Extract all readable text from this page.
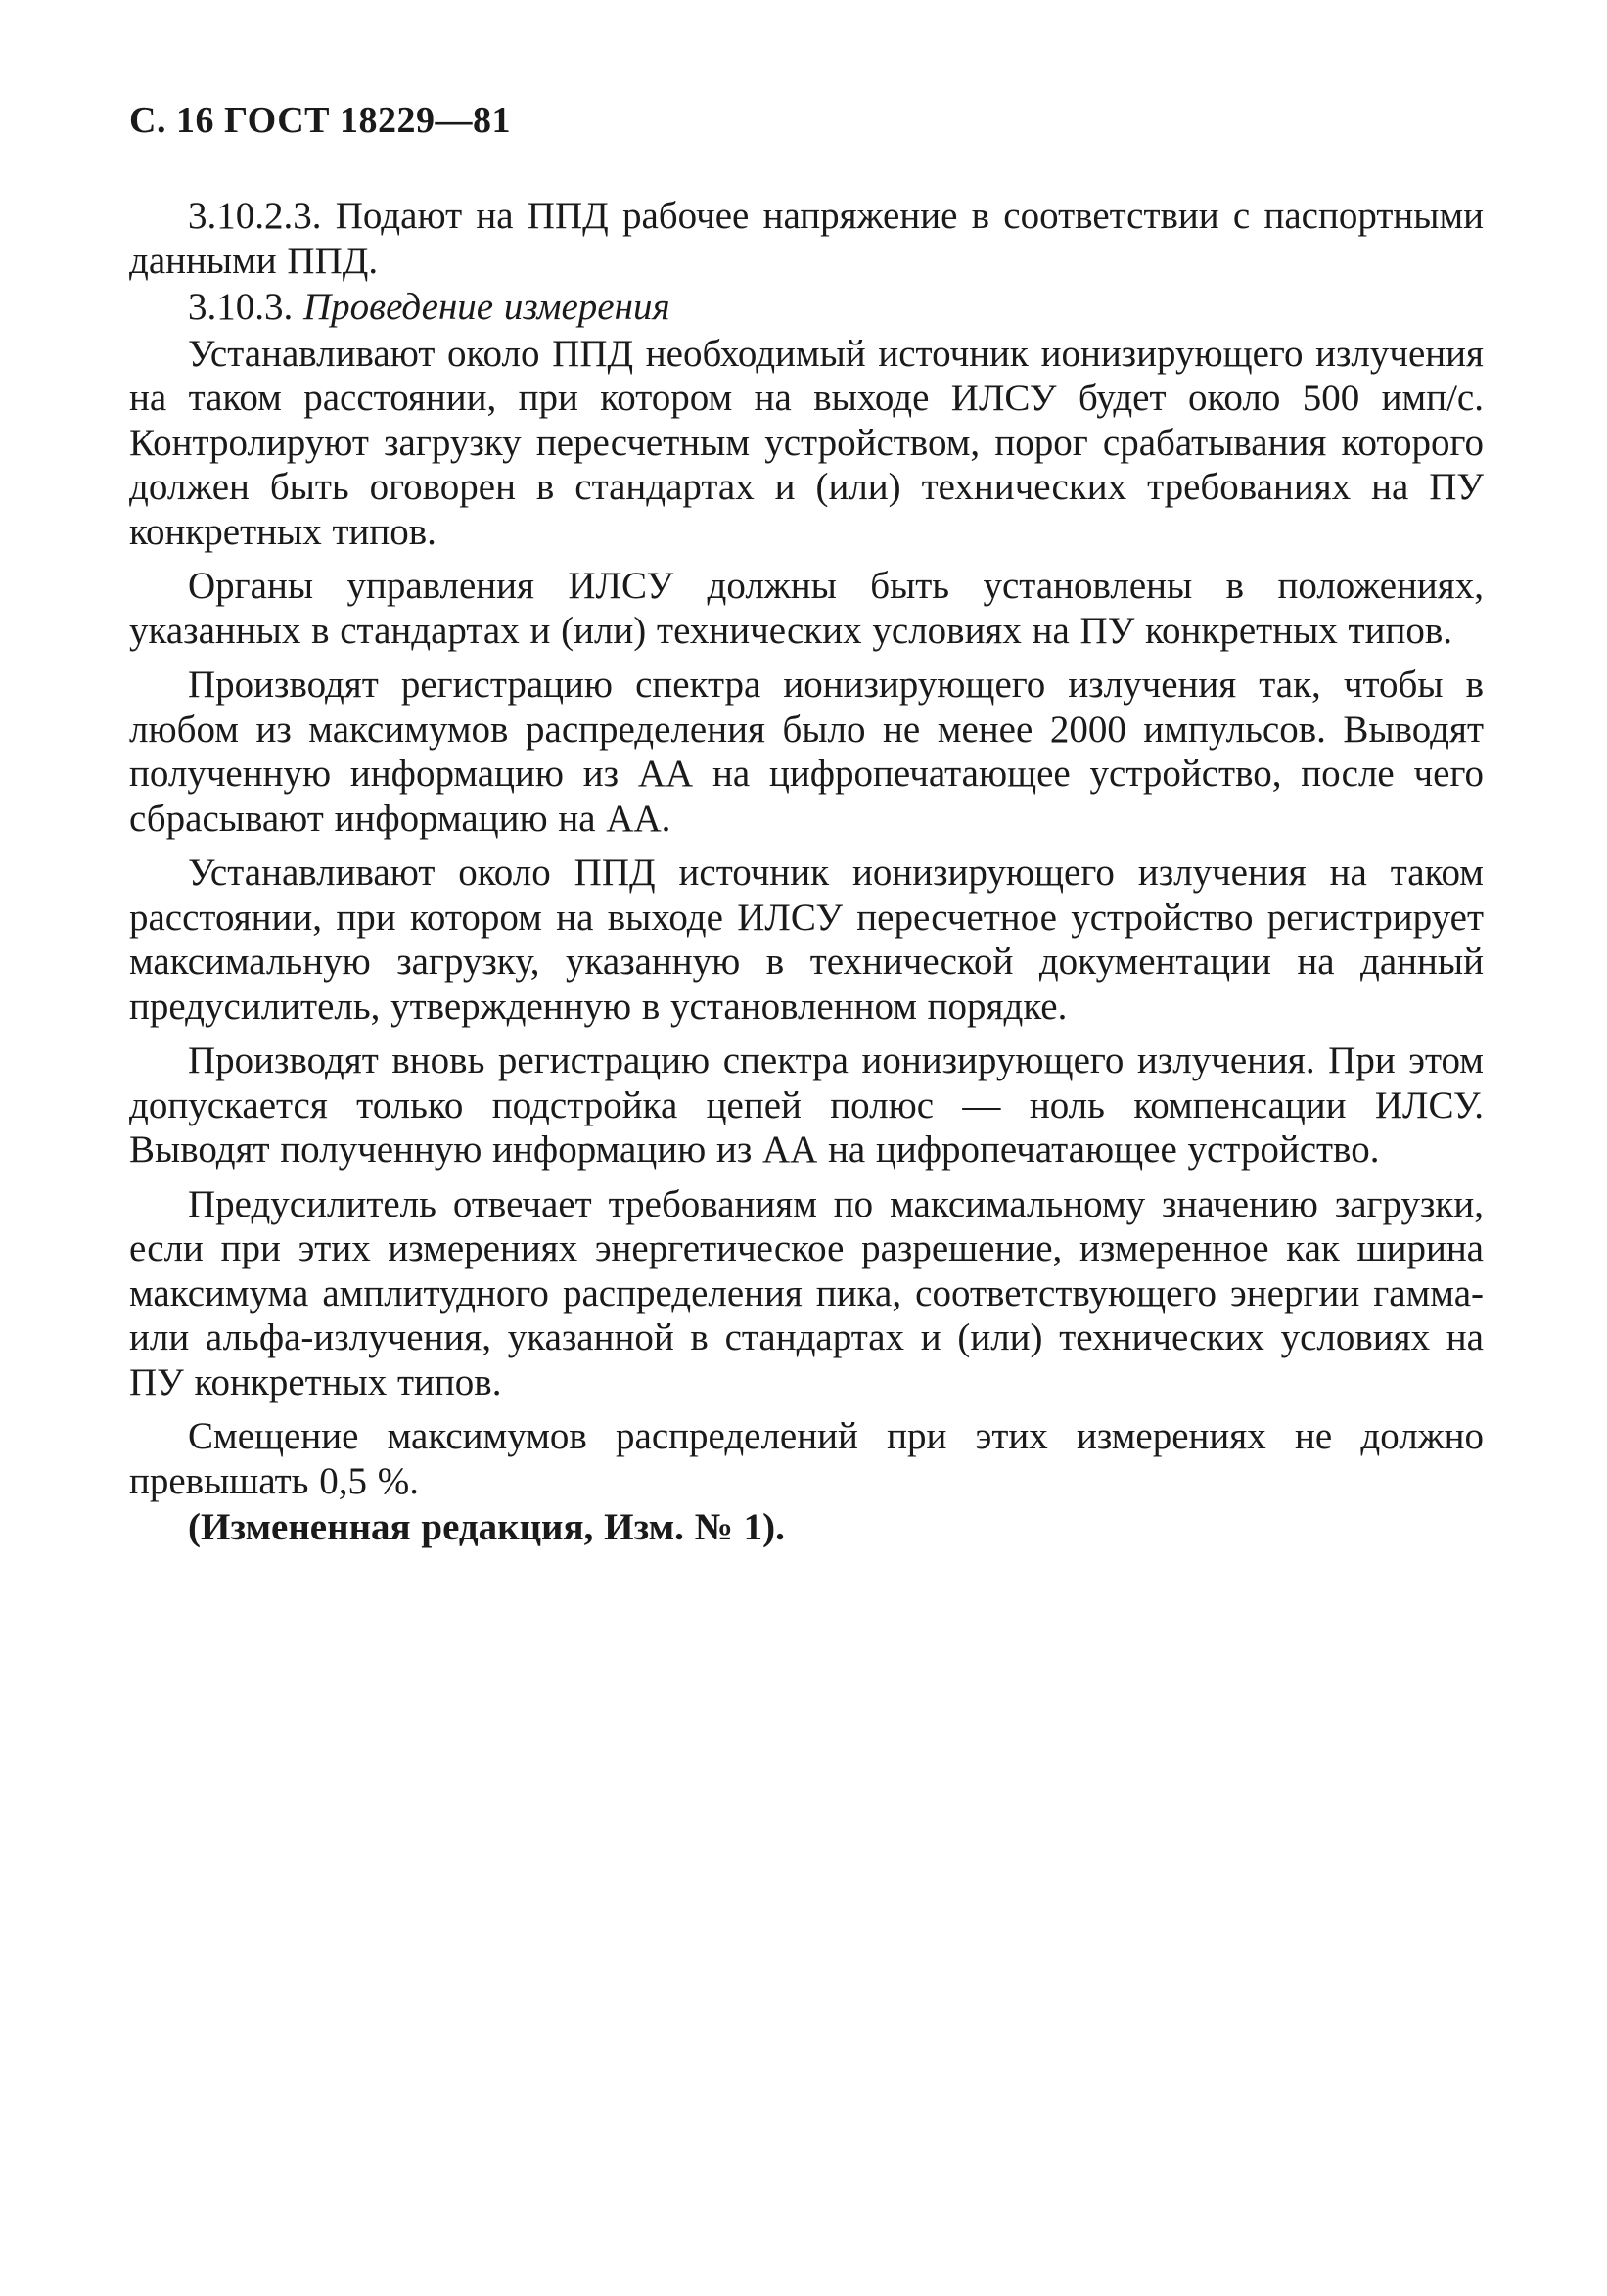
С. 16 ГОСТ 18229—81

3.10.2.3. Подают на ППД рабочее напряжение в соответствии с паспортными данными ППД.

3.10.3. Проведение измерения

Устанавливают около ППД необходимый источник ионизирующего излучения на таком расстоянии, при котором на выходе ИЛСУ будет около 500 имп/с. Контролируют загрузку пересчетным устройством, порог срабатывания которого должен быть оговорен в стандартах и (или) технических требованиях на ПУ конкретных типов.

Органы управления ИЛСУ должны быть установлены в положениях, указанных в стандартах и (или) технических условиях на ПУ конкретных типов.

Производят регистрацию спектра ионизирующего излучения так, чтобы в любом из максимумов распределения было не менее 2000 импульсов. Выводят полученную информацию из АА на цифропечатающее устройство, после чего сбрасывают информацию на АА.

Устанавливают около ППД источник ионизирующего излучения на таком расстоянии, при котором на выходе ИЛСУ пересчетное устройство регистрирует максимальную загрузку, указанную в технической документации на данный предусилитель, утвержденную в установленном порядке.

Производят вновь регистрацию спектра ионизирующего излучения. При этом допускается только подстройка цепей полюс — ноль компенсации ИЛСУ. Выводят полученную информацию из АА на цифропечатающее устройство.

Предусилитель отвечает требованиям по максимальному значению загрузки, если при этих измерениях энергетическое разрешение, измеренное как ширина максимума амплитудного распределения пика, соответствующего энергии гамма- или альфа-излучения, указанной в стандартах и (или) технических условиях на ПУ конкретных типов.

Смещение максимумов распределений при этих измерениях не должно превышать 0,5 %.

(Измененная редакция, Изм. № 1).
